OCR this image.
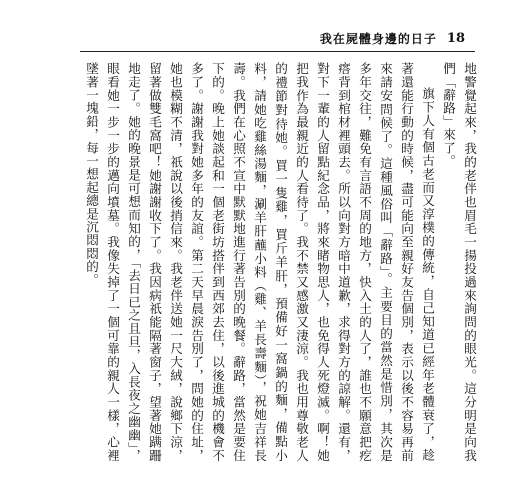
我在屍體身邊的日子 18

地警覺起來，我的老伴也眉毛一揚投過來詢問的眼光。這分明是向我們「辭路」來了。

旗下人有個古老而又淳樸的傳統，自己知道已經年老體衰了，趁著還能行動的時候，盡可能向至親好友告個別，表示以後不容易再前來請安問候了。這種風俗叫「辭路」。主要目的當然是惜別，其次是多年交往，難免有言語不周的地方，快入土的人了，誰也不願意把疙瘩背到棺材裡頭去。所以向對方暗中道歉，求得對方的諒解。還有，對下一輩的人留點紀念品，將來睹物思人，也免得人死燈滅。啊！她把我作為最親近的人看待了。我不禁又感激又淒涼。我也用尊敬老人的禮節對待她。買一隻雞，買斤羊肝，預備好一窩鍋的麵，備點小料，請她吃雞絲湯麵，涮羊肝蘸小料（雞、羊長壽麵），祝她吉祥長壽。我們在心照不宣中默默地進行著告別的晚餐。辭路，當然是要住下的。晚上她談起和一個老街坊搭伴到西郊去住，以後進城的機會不多了。謝謝我對她多年的友誼。第二天早晨淚告別了，問她的住址，她也模糊不清，祇說以後捎信來。我老伴送她一尺大絨，說鄉下涼，留著做雙毛窩吧！她謝謝收下了。我因病祇能隔著窗子，望著她蹒跚地走了。她的晚景是可想而知的，「去日已之且旦，入長夜之幽幽」，眼看她一步一步的邁向墳墓。我像失掉了一個可靠的親人一樣，心裡墜著一塊鉛，每一想起總是沉悶悶的。
